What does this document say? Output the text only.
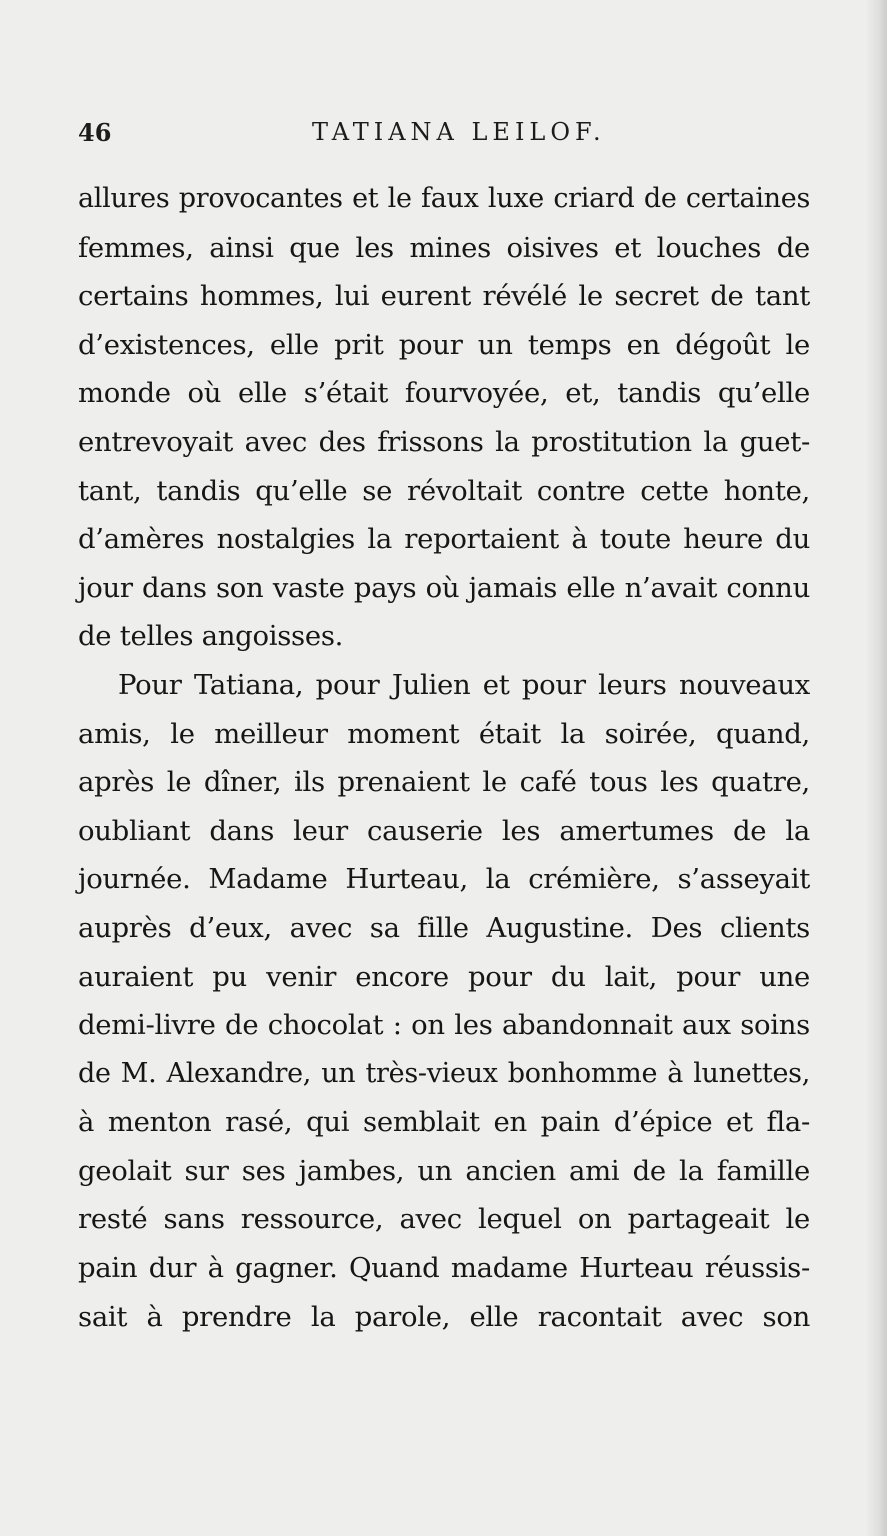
46	TATIANA LEILOF.
allures provocantes et le faux luxe criard de certaines
femmes, ainsi que les mines oisives et louches de
certains hommes, lui eurent révélé le secret de tant
d’existences, elle prit pour un temps en dégoût le
monde où elle s’était fourvoyée, et, tandis qu’elle
entrevoyait avec des frissons la prostitution la guet-
tant, tandis qu’elle se révoltait contre cette honte,
d’amères nostalgies la reportaient à toute heure du
jour dans son vaste pays où jamais elle n’avait connu
de telles angoisses.
Pour Tatiana, pour Julien et pour leurs nouveaux
amis, le meilleur moment était la soirée, quand,
après le dîner, ils prenaient le café tous les quatre,
oubliant dans leur causerie les amertumes de la
journée. Madame Hurteau, la crémière, s’asseyait
auprès d’eux, avec sa fille Augustine. Des clients
auraient pu venir encore pour du lait, pour une
demi-livre de chocolat : on les abandonnait aux soins
de M. Alexandre, un très-vieux bonhomme à lunettes,
à menton rasé, qui semblait en pain d’épice et fla-
geolait sur ses jambes, un ancien ami de la famille
resté sans ressource, avec lequel on partageait le
pain dur à gagner. Quand madame Hurteau réussis-
sait à prendre la parole, elle racontait avec son
